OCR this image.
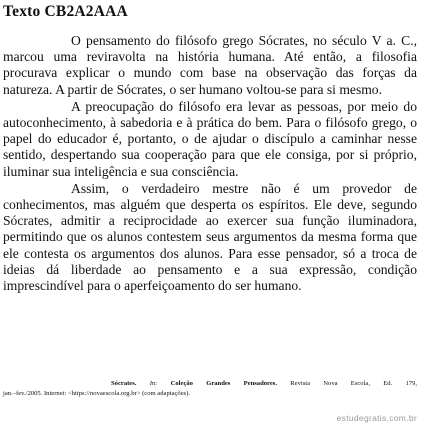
Texto CB2A2AAA

O pensamento do filósofo grego Sócrates, no século V a. C., marcou uma reviravolta na história humana. Até então, a filosofia procurava explicar o mundo com base na observação das forças da natureza. A partir de Sócrates, o ser humano voltou-se para si mesmo.

A preocupação do filósofo era levar as pessoas, por meio do autoconhecimento, à sabedoria e à prática do bem. Para o filósofo grego, o papel do educador é, portanto, o de ajudar o discípulo a caminhar nesse sentido, despertando sua cooperação para que ele consiga, por si próprio, iluminar sua inteligência e sua consciência.

Assim, o verdadeiro mestre não é um provedor de conhecimentos, mas alguém que desperta os espíritos. Ele deve, segundo Sócrates, admitir a reciprocidade ao exercer sua função iluminadora, permitindo que os alunos contestem seus argumentos da mesma forma que ele contesta os argumentos dos alunos. Para esse pensador, só a troca de ideias dá liberdade ao pensamento e a sua expressão, condição imprescindível para o aperfeiçoamento do ser humano.

Sócrates. In: Coleção Grandes Pensadores. Revista Nova Escola, Ed. 179,
jan.–fev./2005. Internet: <https://novaescola.org.br> (com adaptações).
estudegratis.com.br
